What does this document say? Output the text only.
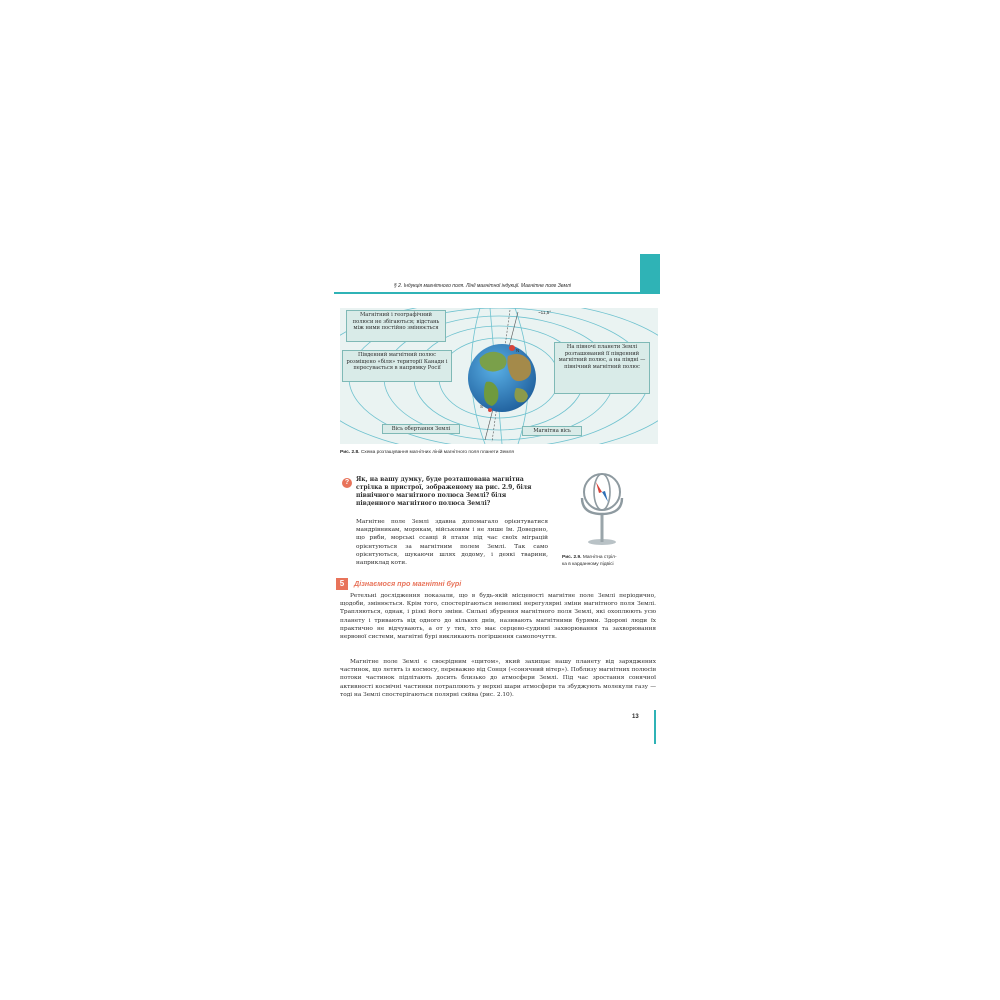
§ 2. Індукція магнітного поля. Лінії магнітної індукції. Магнітне поле Землі
~11,5°
N
S
Магнітний і географічний полюси не збігаються; відстань між ними постійно змінюється
Південний магнітний полюс розміщено «біля» території Канади і пересувається в напрямку Росії
На півночі планети Землі розташований її південний магнітний полюс, а на півдні — північний магнітний полюс
Вісь обертання Землі	Магнітна вісь
Рис. 2.8. Схема розташування магнітних ліній магнітного поля планети Земля
?	Як, на вашу думку, буде розташована магнітна стрілка в пристрої, зображеному на рис. 2.9, біля північного магнітного полюса Землі? біля південного магнітного полюса Землі?
Магнітне поле Землі здавна допомагало орієнтуватися мандрівникам, морякам, військовим і не лише їм. Доведено, що риби, морські ссавці й птахи під час своїх міграцій орієнтуються за магнітним полем Землі. Так само орієнтуються, шукаючи шлях додому, і деякі тварини, наприклад коти.
Рис. 2.9. Магнітна стріл-
ка в карданному підвісі
5	Дізнаємося про магнітні бурі
Ретельні дослідження показали, що в будь-якій місцевості магнітне поле Землі періодично, щодоби, змінюється. Крім того, спостерігаються невеликі нерегулярні зміни магнітного поля Землі. Трапляються, однак, і різкі його зміни. Сильні збурення магнітного поля Землі, які охоплюють усю планету і тривають від одного до кількох днів, називають магнітними бурями. Здорові люди їх практично не відчувають, а от у тих, хто має серцево-судинні захворювання та захворювання нервової системи, магнітні бурі викликають погіршення самопочуття.
Магнітне поле Землі є своєрідним «щитом», який захищає нашу планету від заряджених частинок, що летять із космосу, переважно від Сонця («сонячний вітер»). Поблизу магнітних полюсів потоки частинок підлітають досить близько до атмосфери Землі. Під час зростання сонячної активності космічні частинки потрапляють у верхні шари атмосфери та збуджують молекули газу — тоді на Землі спостерігаються полярні сяйва (рис. 2.10).
13
